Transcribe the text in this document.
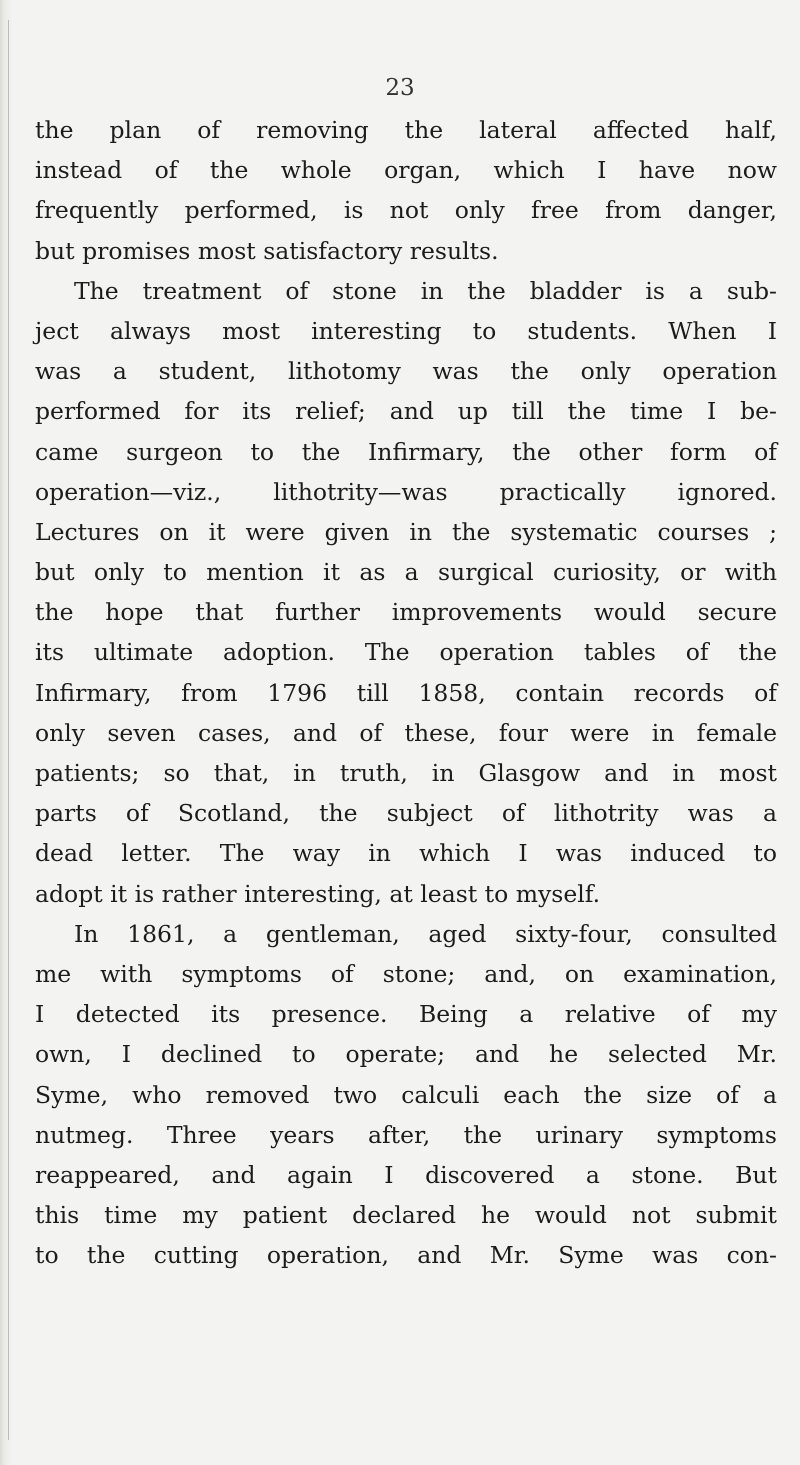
23
the plan of removing the lateral affected half,
instead of the whole organ, which I have now
frequently performed, is not only free from danger,
but promises most satisfactory results.
The treatment of stone in the bladder is a sub-
ject always most interesting to students. When I
was a student, lithotomy was the only operation
performed for its relief; and up till the time I be-
came surgeon to the Infirmary, the other form of
operation—viz., lithotrity—was practically ignored.
Lectures on it were given in the systematic courses ;
but only to mention it as a surgical curiosity, or with
the hope that further improvements would secure
its ultimate adoption. The operation tables of the
Infirmary, from 1796 till 1858, contain records of
only seven cases, and of these, four were in female
patients; so that, in truth, in Glasgow and in most
parts of Scotland, the subject of lithotrity was a
dead letter. The way in which I was induced to
adopt it is rather interesting, at least to myself.
In 1861, a gentleman, aged sixty-four, consulted
me with symptoms of stone; and, on examination,
I detected its presence. Being a relative of my
own, I declined to operate; and he selected Mr.
Syme, who removed two calculi each the size of a
nutmeg. Three years after, the urinary symptoms
reappeared, and again I discovered a stone. But
this time my patient declared he would not submit
to the cutting operation, and Mr. Syme was con-
